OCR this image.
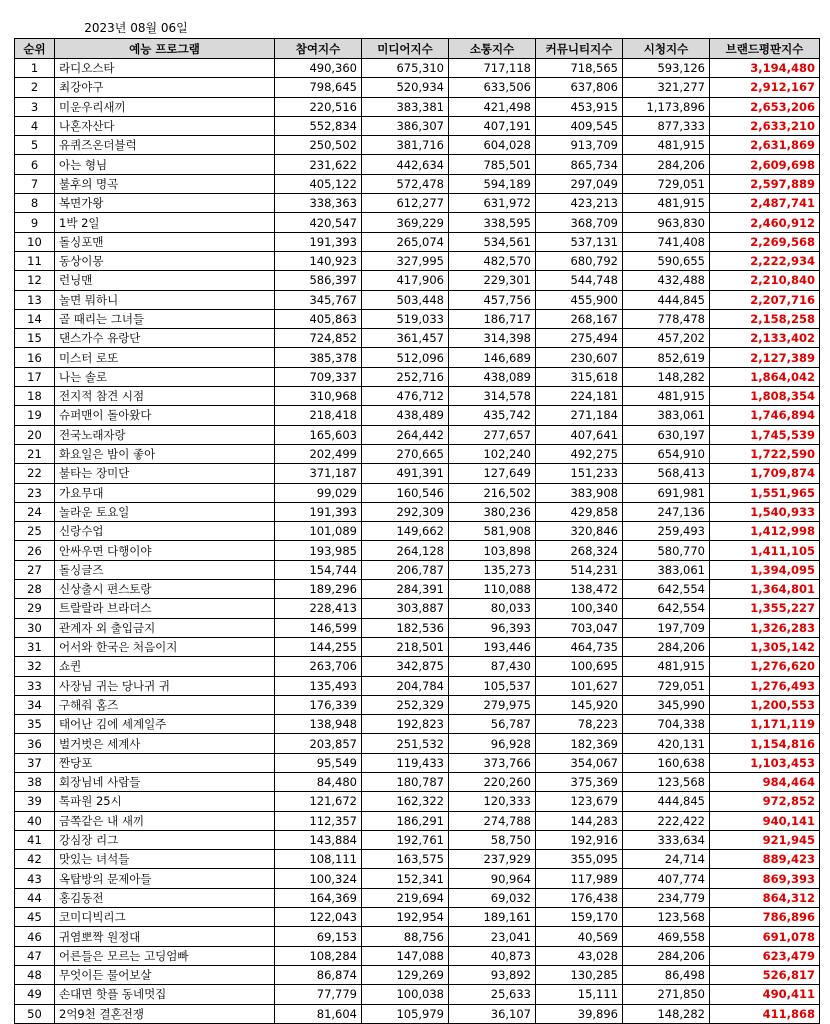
2023년 08월 06일
순위	예능 프로그램	참여지수	미디어지수	소통지수	커뮤니티지수	시청지수	브랜드평판지수
1	라디오스타	490,360	675,310	717,118	718,565	593,126	3,194,480
2	최강야구	798,645	520,934	633,506	637,806	321,277	2,912,167
3	미운우리새끼	220,516	383,381	421,498	453,915	1,173,896	2,653,206
4	나혼자산다	552,834	386,307	407,191	409,545	877,333	2,633,210
5	유퀴즈온더블럭	250,502	381,716	604,028	913,709	481,915	2,631,869
6	아는 형님	231,622	442,634	785,501	865,734	284,206	2,609,698
7	불후의 명곡	405,122	572,478	594,189	297,049	729,051	2,597,889
8	복면가왕	338,363	612,277	631,972	423,213	481,915	2,487,741
9	1박 2일	420,547	369,229	338,595	368,709	963,830	2,460,912
10	돌싱포맨	191,393	265,074	534,561	537,131	741,408	2,269,568
11	동상이몽	140,923	327,995	482,570	680,792	590,655	2,222,934
12	런닝맨	586,397	417,906	229,301	544,748	432,488	2,210,840
13	놀면 뭐하니	345,767	503,448	457,756	455,900	444,845	2,207,716
14	골 때리는 그녀들	405,863	519,033	186,717	268,167	778,478	2,158,258
15	댄스가수 유랑단	724,852	361,457	314,398	275,494	457,202	2,133,402
16	미스터 로또	385,378	512,096	146,689	230,607	852,619	2,127,389
17	나는 솔로	709,337	252,716	438,089	315,618	148,282	1,864,042
18	전지적 참견 시점	310,968	476,712	314,578	224,181	481,915	1,808,354
19	슈퍼맨이 돌아왔다	218,418	438,489	435,742	271,184	383,061	1,746,894
20	전국노래자랑	165,603	264,442	277,657	407,641	630,197	1,745,539
21	화요일은 밤이 좋아	202,499	270,665	102,240	492,275	654,910	1,722,590
22	불타는 장미단	371,187	491,391	127,649	151,233	568,413	1,709,874
23	가요무대	99,029	160,546	216,502	383,908	691,981	1,551,965
24	놀라운 토요일	191,393	292,309	380,236	429,858	247,136	1,540,933
25	신랑수업	101,089	149,662	581,908	320,846	259,493	1,412,998
26	안싸우면 다행이야	193,985	264,128	103,898	268,324	580,770	1,411,105
27	돌싱글즈	154,744	206,787	135,273	514,231	383,061	1,394,095
28	신상출시 편스토랑	189,296	284,391	110,088	138,472	642,554	1,364,801
29	트랄랄라 브라더스	228,413	303,887	80,033	100,340	642,554	1,355,227
30	관계자 외 출입금지	146,599	182,536	96,393	703,047	197,709	1,326,283
31	어서와 한국은 처음이지	144,255	218,501	193,446	464,735	284,206	1,305,142
32	쇼퀸	263,706	342,875	87,430	100,695	481,915	1,276,620
33	사장님 귀는 당나귀 귀	135,493	204,784	105,537	101,627	729,051	1,276,493
34	구해줘 홈즈	176,339	252,329	279,975	145,920	345,990	1,200,553
35	태어난 김에 세계일주	138,948	192,823	56,787	78,223	704,338	1,171,119
36	벌거벗은 세계사	203,857	251,532	96,928	182,369	420,131	1,154,816
37	짠당포	95,549	119,433	373,766	354,067	160,638	1,103,453
38	회장님네 사람들	84,480	180,787	220,260	375,369	123,568	984,464
39	톡파원 25시	121,672	162,322	120,333	123,679	444,845	972,852
40	금쪽같은 내 새끼	112,357	186,291	274,788	144,283	222,422	940,141
41	강심장 리그	143,884	192,761	58,750	192,916	333,634	921,945
42	맛있는 녀석들	108,111	163,575	237,929	355,095	24,714	889,423
43	옥탑방의 문제아들	100,324	152,341	90,964	117,989	407,774	869,393
44	홍김동전	164,369	219,694	69,032	176,438	234,779	864,312
45	코미디빅리그	122,043	192,954	189,161	159,170	123,568	786,896
46	귀염뽀짝 원정대	69,153	88,756	23,041	40,569	469,558	691,078
47	어른들은 모르는 고딩엄빠	108,284	147,088	40,873	43,028	284,206	623,479
48	무엇이든 물어보살	86,874	129,269	93,892	130,285	86,498	526,817
49	손대면 핫플 동네멋집	77,779	100,038	25,633	15,111	271,850	490,411
50	2억9천 결혼전쟁	81,604	105,979	36,107	39,896	148,282	411,868
